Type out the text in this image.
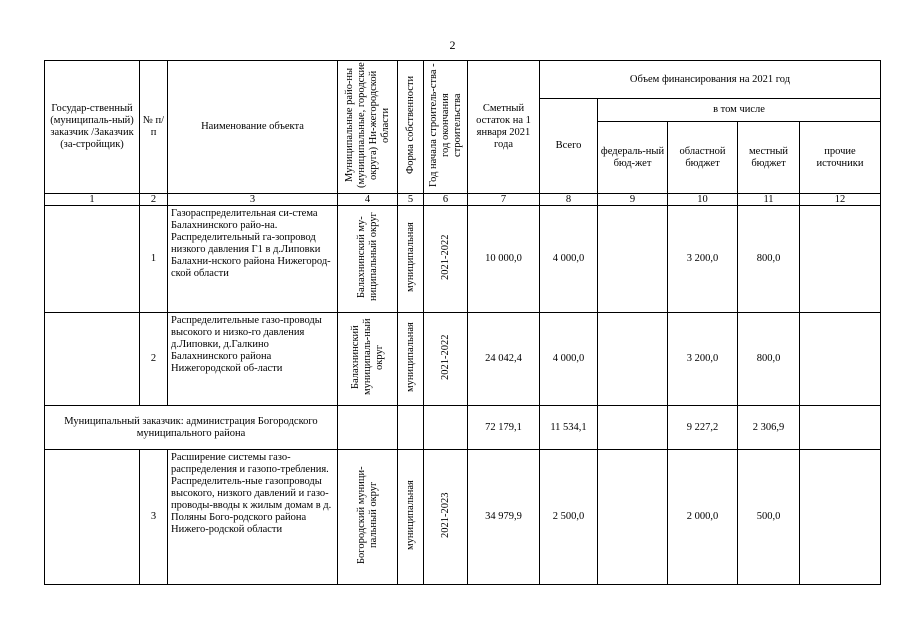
2
Государ-ственный (муниципаль-ный) заказчик /Заказчик (за-стройщик)	№ п/п	Наименование объекта	Муниципальные райо-ны (муниципальные, городские округа) Ни-жегородской области	Форма собственности	Год начала строитель-ства - год окончания строительства	Сметный остаток на 1 января 2021 года	Объем финансирования на 2021 год				
							Всего	в том числе			
								федераль-ный бюд-жет	областной бюджет	местный бюджет	прочие источники
1	2	3	4	5	6	7	8	9	10	11	12
	1	Газораспределительная си-стема Балахнинского райо-на. Распределительный га-зопровод низкого давления Г1 в д.Липовки Балахни-нского района Нижегород-ской области	Балахнинский му-ниципальный округ	муниципальная	2021-2022	10 000,0	4 000,0		3 200,0	800,0	
	2	Распределительные газо-проводы высокого и низко-го давления д.Липовки, д.Галкино Балахнинского района Нижегородской об-ласти	Балахнинский муниципаль-ный округ	муниципальная	2021-2022	24 042,4	4 000,0		3 200,0	800,0	
Муниципальный заказчик: администрация Богородского муниципального района						72 179,1	11 534,1		9 227,2	2 306,9	
	3	Расширение системы газо-распределения и газопо-требления. Распределитель-ные газопроводы высокого, низкого давлений и газо-проводы-вводы к жилым домам в д. Поляны Бого-родского района Нижего-родской области	Богородский муници-пальный округ	муниципальная	2021-2023	34 979,9	2 500,0		2 000,0	500,0	
